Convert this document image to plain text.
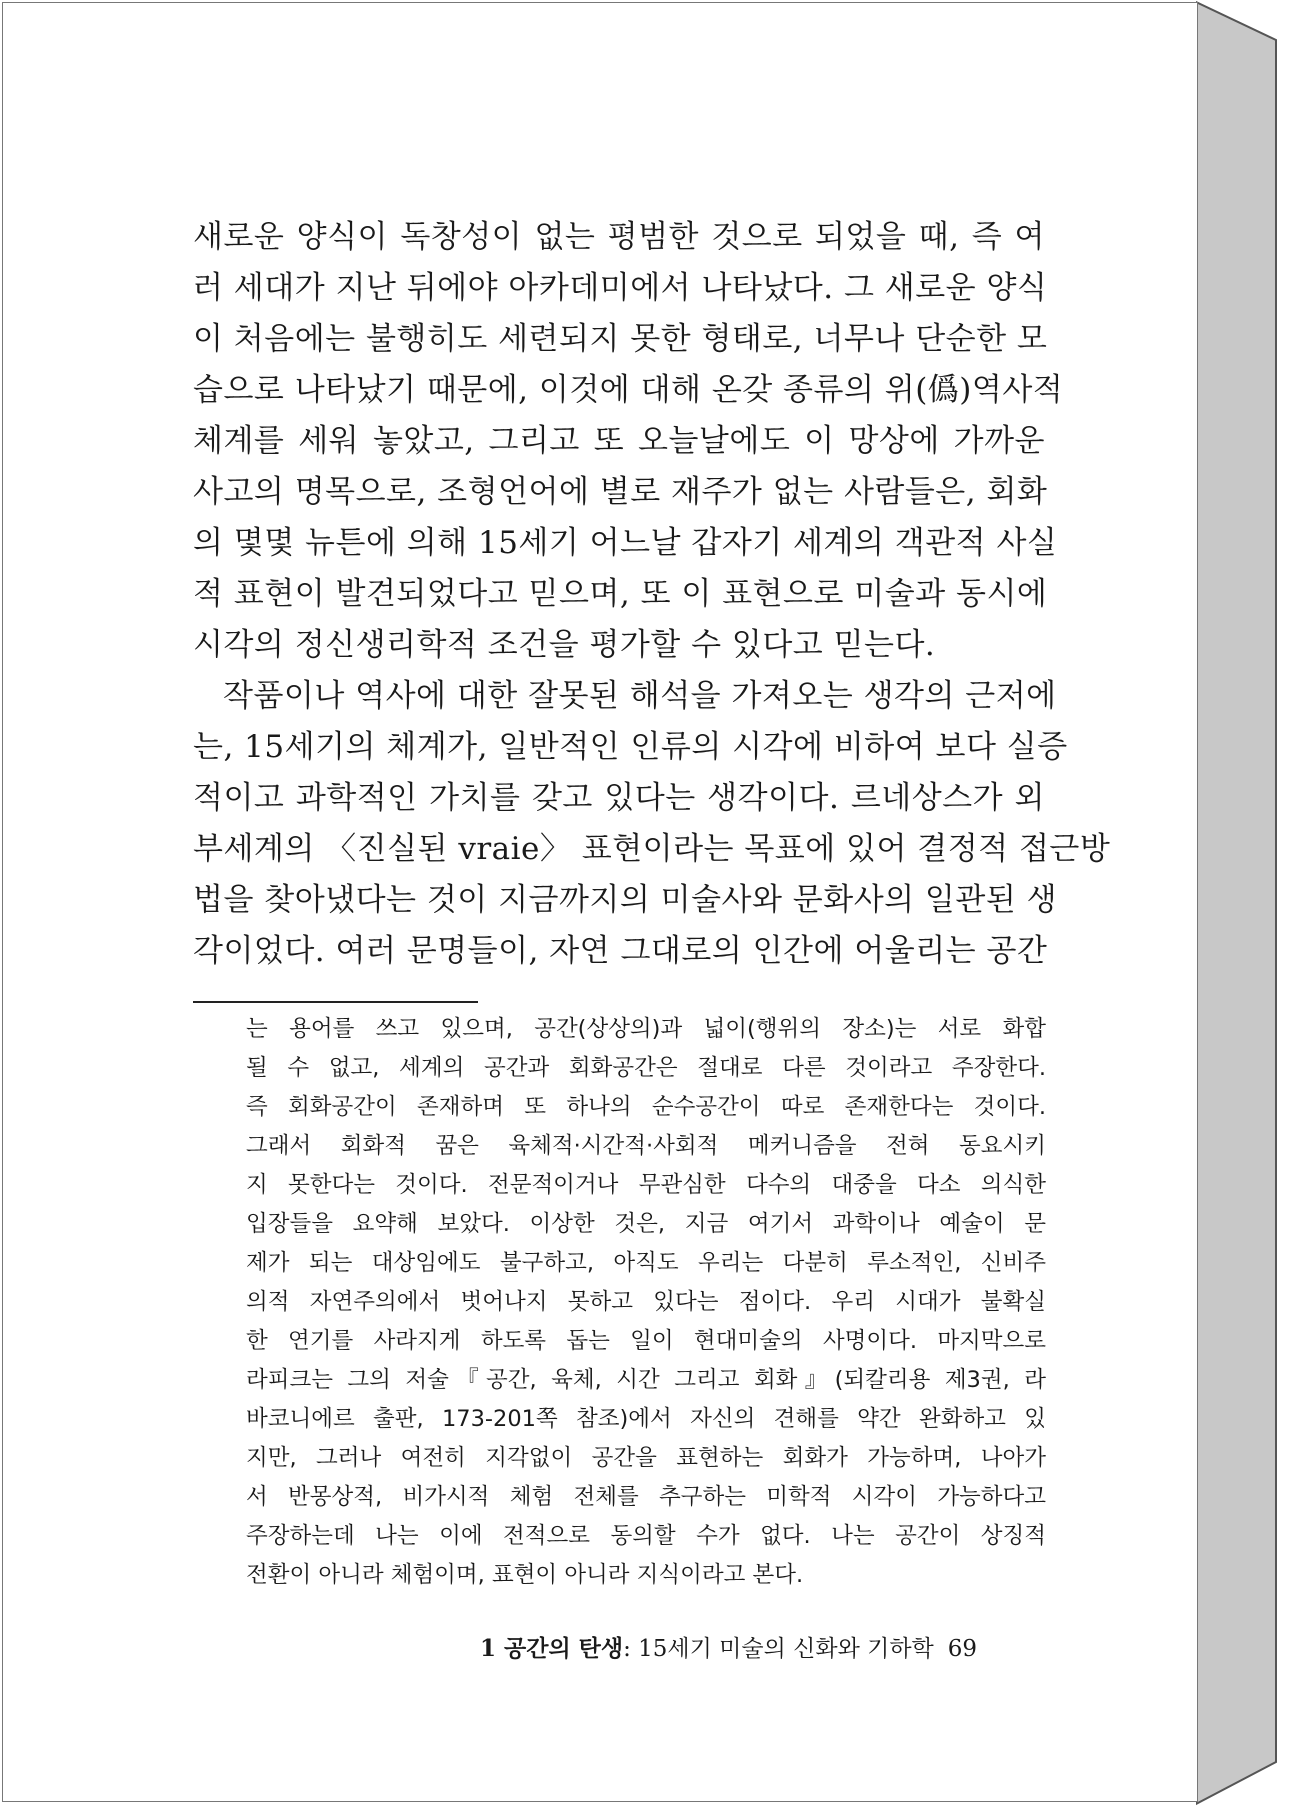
새로운 양식이 독창성이 없는 평범한 것으로 되었을 때, 즉 여
러 세대가 지난 뒤에야 아카데미에서 나타났다. 그 새로운 양식
이 처음에는 불행히도 세련되지 못한 형태로, 너무나 단순한 모
습으로 나타났기 때문에, 이것에 대해 온갖 종류의 위(僞)역사적
체계를 세워 놓았고, 그리고 또 오늘날에도 이 망상에 가까운
사고의 명목으로, 조형언어에 별로 재주가 없는 사람들은, 회화
의 몇몇 뉴튼에 의해 15세기 어느날 갑자기 세계의 객관적 사실
적 표현이 발견되었다고 믿으며, 또 이 표현으로 미술과 동시에
시각의 정신생리학적 조건을 평가할 수 있다고 믿는다.

작품이나 역사에 대한 잘못된 해석을 가져오는 생각의 근저에
는, 15세기의 체계가, 일반적인 인류의 시각에 비하여 보다 실증
적이고 과학적인 가치를 갖고 있다는 생각이다. 르네상스가 외
부세계의 〈진실된 vraie〉 표현이라는 목표에 있어 결정적 접근방
법을 찾아냈다는 것이 지금까지의 미술사와 문화사의 일관된 생
각이었다. 여러 문명들이, 자연 그대로의 인간에 어울리는 공간

는 용어를 쓰고 있으며, 공간(상상의)과 넓이(행위의 장소)는 서로 화합
될 수 없고, 세계의 공간과 회화공간은 절대로 다른 것이라고 주장한다.
즉 회화공간이 존재하며 또 하나의 순수공간이 따로 존재한다는 것이다.
그래서 회화적 꿈은 육체적·시간적·사회적 메커니즘을 전혀 동요시키
지 못한다는 것이다. 전문적이거나 무관심한 다수의 대중을 다소 의식한
입장들을 요약해 보았다. 이상한 것은, 지금 여기서 과학이나 예술이 문
제가 되는 대상임에도 불구하고, 아직도 우리는 다분히 루소적인, 신비주
의적 자연주의에서 벗어나지 못하고 있다는 점이다. 우리 시대가 불확실
한 연기를 사라지게 하도록 돕는 일이 현대미술의 사명이다. 마지막으로
라피크는 그의 저술『공간, 육체, 시간 그리고 회화』(되칼리용 제3권, 라
바코니에르 출판, 173-201쪽 참조)에서 자신의 견해를 약간 완화하고 있
지만, 그러나 여전히 지각없이 공간을 표현하는 회화가 가능하며, 나아가
서 반몽상적, 비가시적 체험 전체를 추구하는 미학적 시각이 가능하다고
주장하는데 나는 이에 전적으로 동의할 수가 없다. 나는 공간이 상징적
전환이 아니라 체험이며, 표현이 아니라 지식이라고 본다.
1 공간의 탄생: 15세기 미술의 신화와 기하학 69
